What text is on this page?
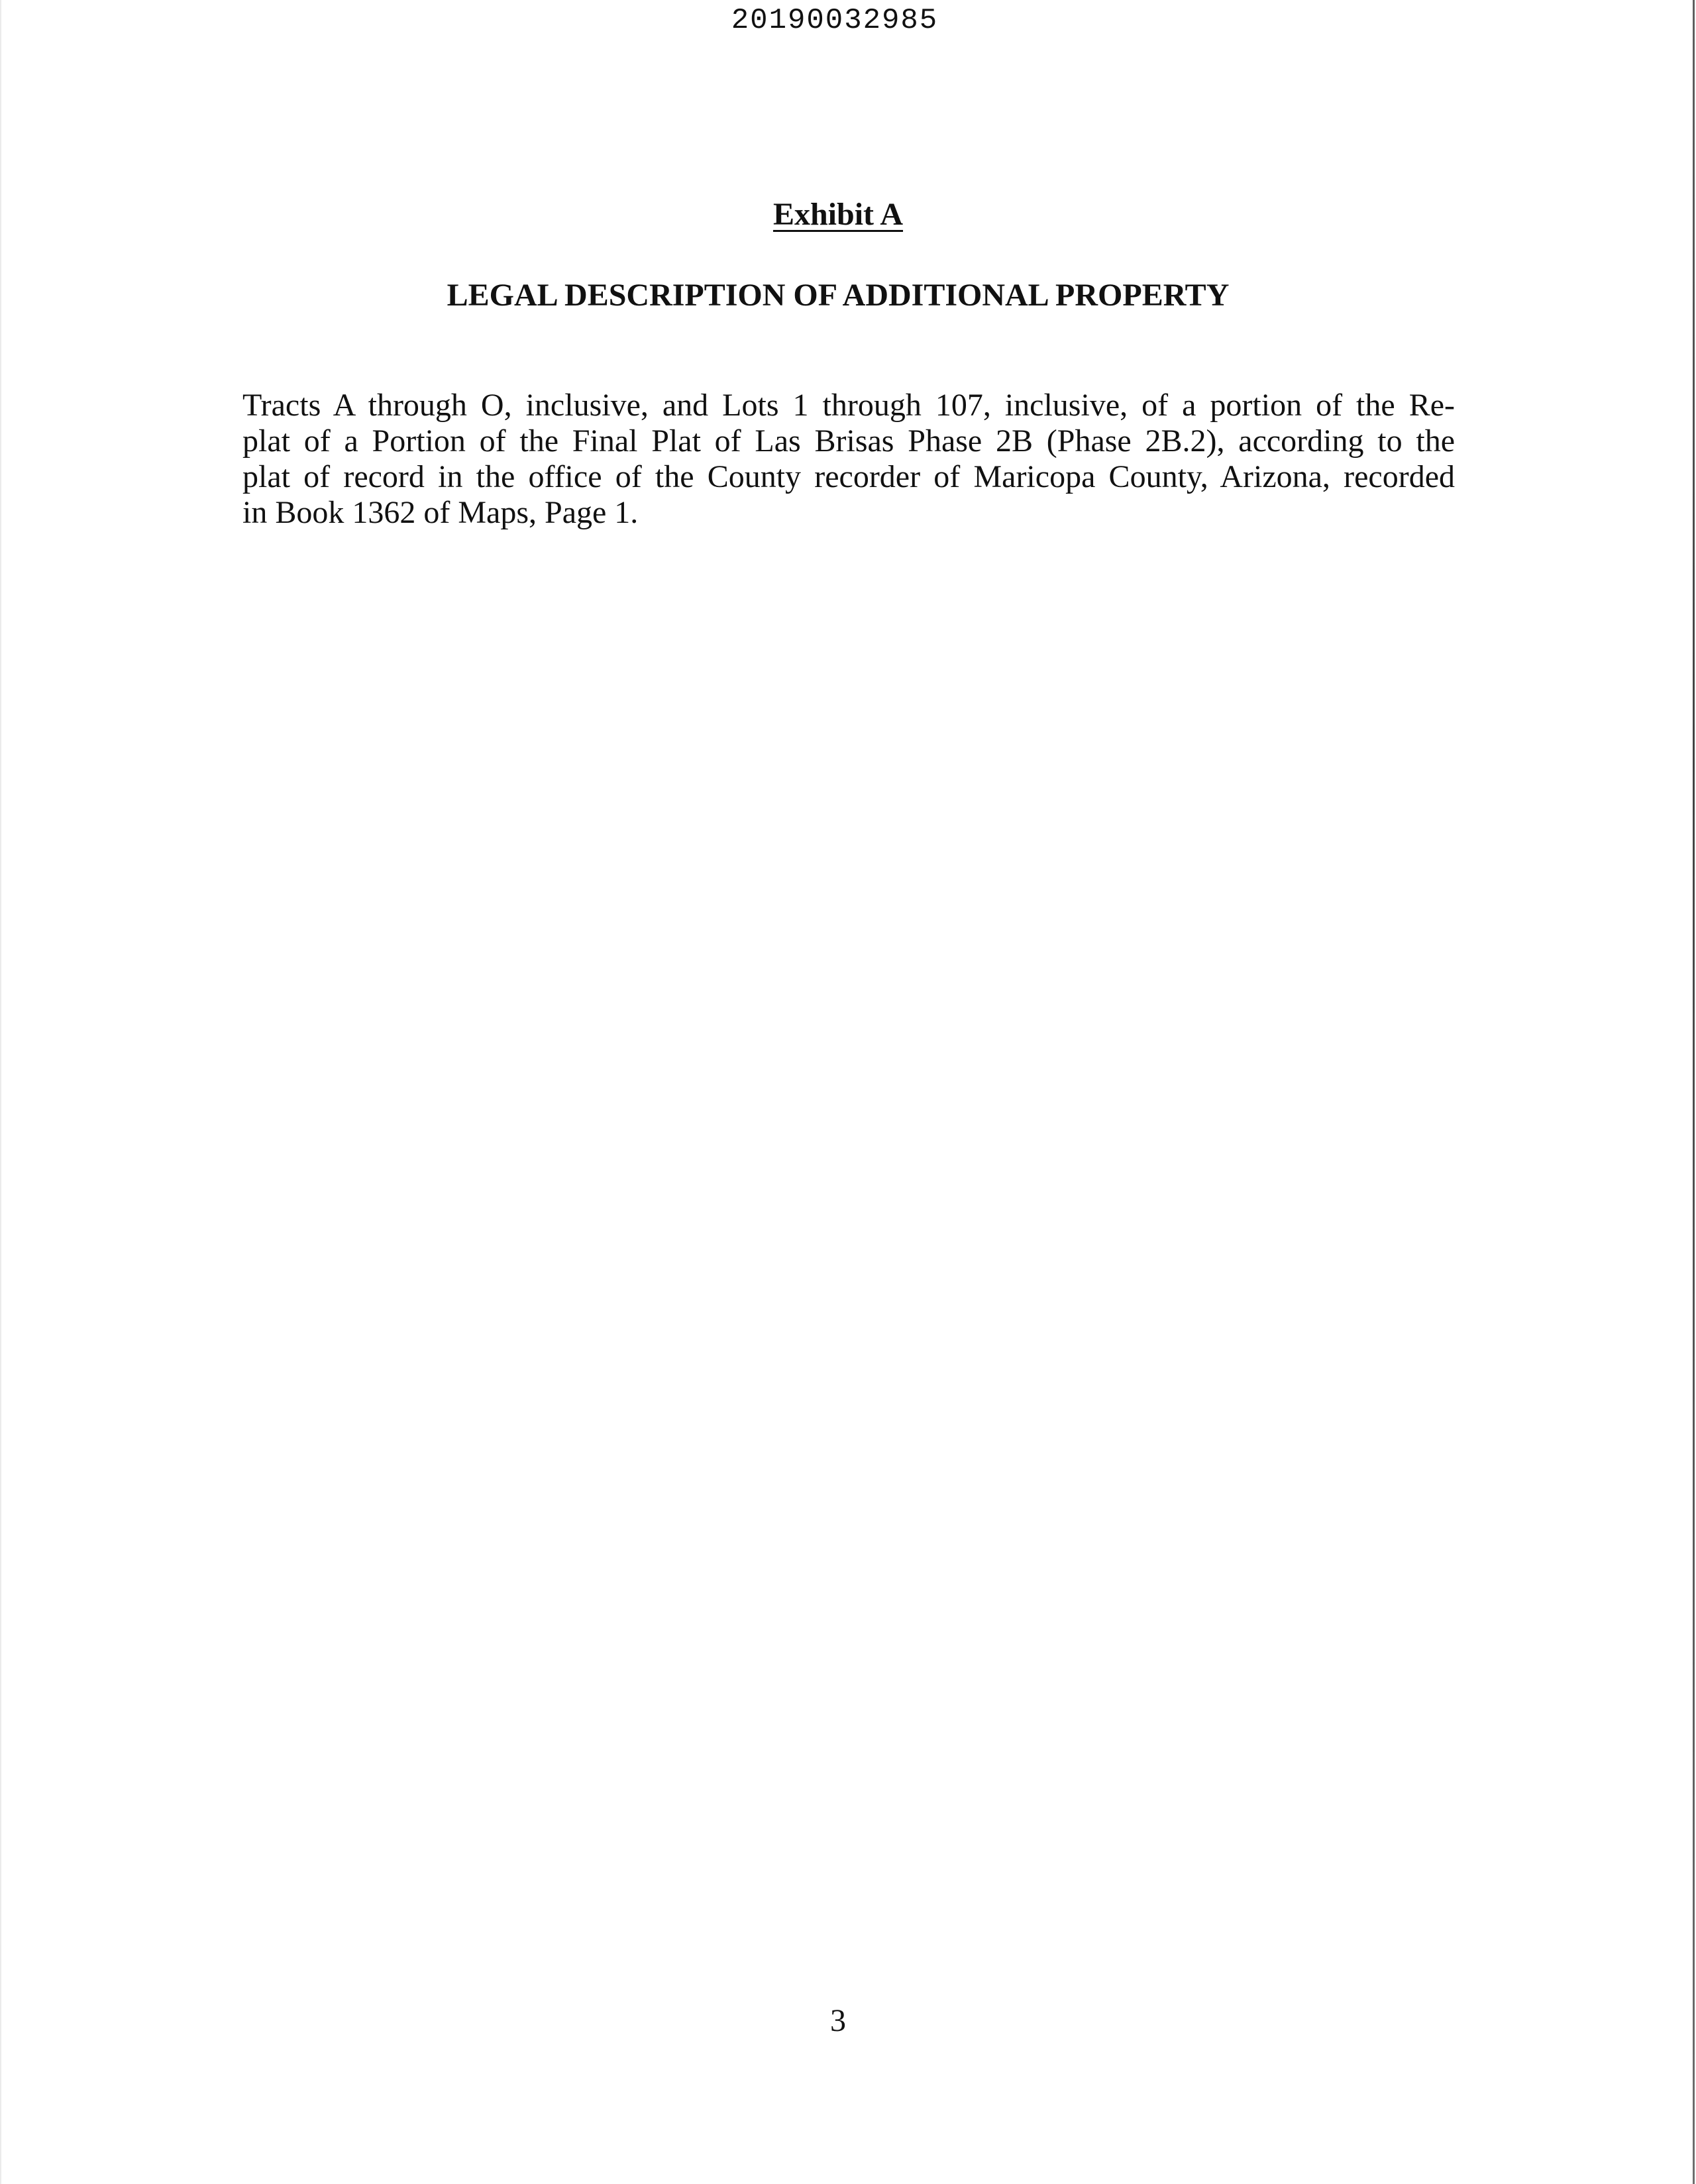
20190032985
Exhibit A
LEGAL DESCRIPTION OF ADDITIONAL PROPERTY
Tracts A through O, inclusive, and Lots 1 through 107, inclusive, of a portion of the Re-
plat of a Portion of the Final Plat of Las Brisas Phase 2B (Phase 2B.2), according to the
plat of record in the office of the County recorder of Maricopa County, Arizona, recorded
in Book 1362 of Maps, Page 1.
3
